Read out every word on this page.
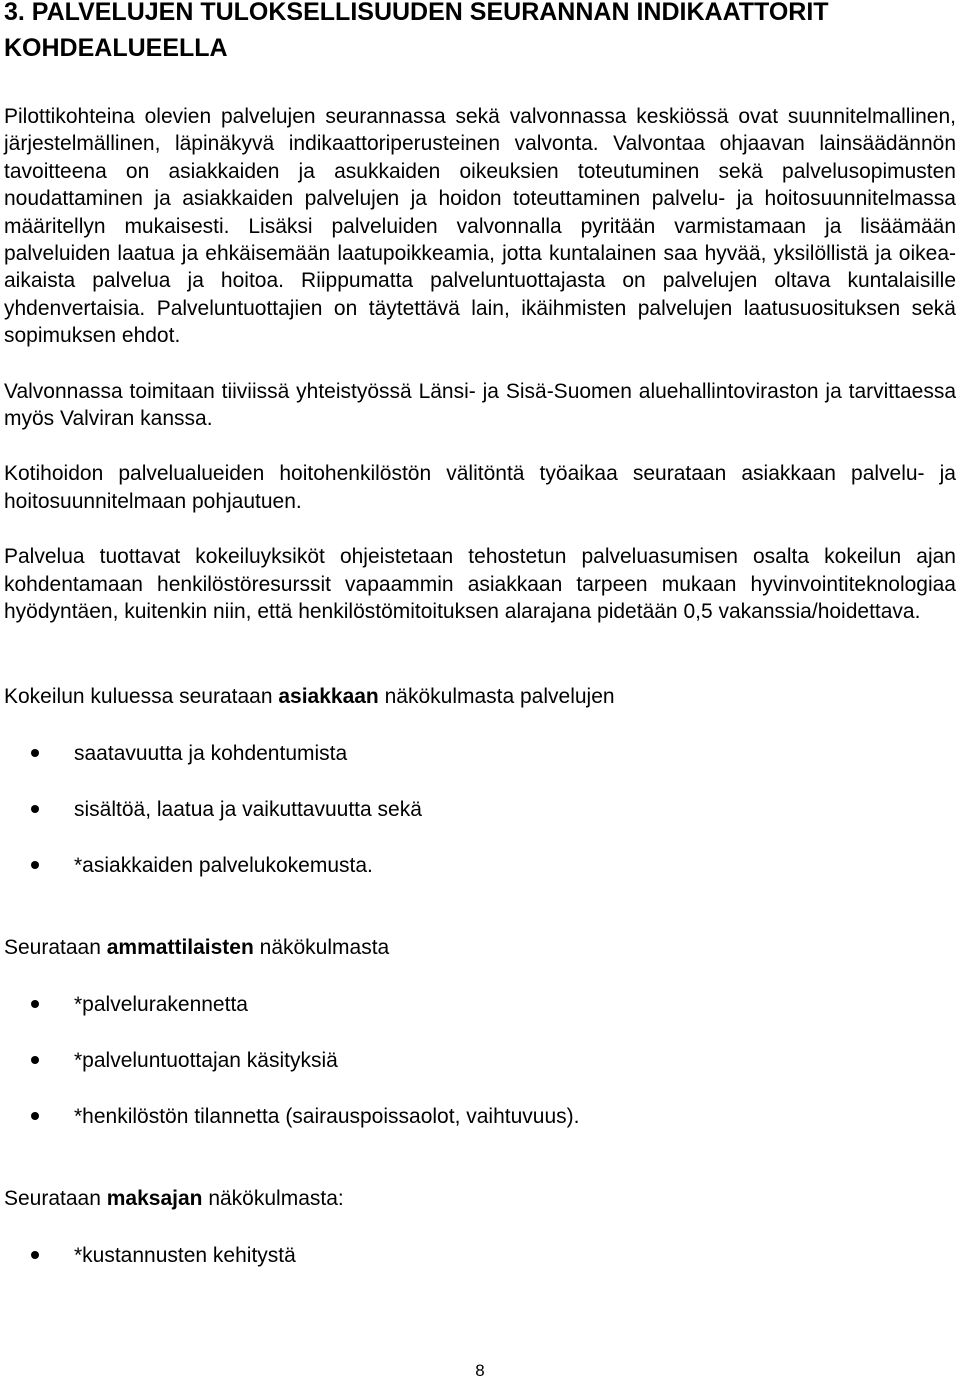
3. PALVELUJEN TULOKSELLISUUDEN SEURANNAN INDIKAATTORIT
KOHDEALUEELLA

Pilottikohteina olevien palvelujen seurannassa sekä valvonnassa keskiössä ovat suunnitelmallinen, järjestelmällinen, läpinäkyvä indikaattoriperusteinen valvonta. Valvontaa ohjaavan lainsäädännön tavoitteena on asiakkaiden ja asukkaiden oikeuksien toteutuminen sekä palvelusopimusten noudattaminen ja asiakkaiden palvelujen ja hoidon toteuttaminen palvelu- ja hoitosuunnitelmassa määritellyn mukaisesti. Lisäksi palveluiden valvonnalla pyritään varmistamaan ja lisäämään palveluiden laatua ja ehkäisemään laatupoikkeamia, jotta kuntalainen saa hyvää, yksilöllistä ja oikea-aikaista palvelua ja hoitoa. Riippumatta palveluntuottajasta on palvelujen oltava kuntalaisille yhdenvertaisia. Palveluntuottajien on täytettävä lain, ikäihmisten palvelujen laatusuosituksen sekä sopimuksen ehdot.

Valvonnassa toimitaan tiiviissä yhteistyössä Länsi- ja Sisä-Suomen aluehallintoviraston ja tarvittaessa myös Valviran kanssa.

Kotihoidon palvelualueiden hoitohenkilöstön välitöntä työaikaa seurataan asiakkaan palvelu- ja hoitosuunnitelmaan pohjautuen.

Palvelua tuottavat kokeiluyksiköt ohjeistetaan tehostetun palveluasumisen osalta kokeilun ajan kohdentamaan henkilöstöresurssit vapaammin asiakkaan tarpeen mukaan hyvinvointiteknologiaa hyödyntäen, kuitenkin niin, että henkilöstömitoituksen alarajana pidetään 0,5 vakanssia/hoidettava.

Kokeilun kuluessa seurataan asiakkaan näkökulmasta palvelujen

saatavuutta ja kohdentumista
sisältöä, laatua ja vaikuttavuutta sekä
*asiakkaiden palvelukokemusta.

Seurataan ammattilaisten näkökulmasta

*palvelurakennetta
*palveluntuottajan käsityksiä
*henkilöstön tilannetta (sairauspoissaolot, vaihtuvuus).

Seurataan maksajan näkökulmasta:

*kustannusten kehitystä
8
